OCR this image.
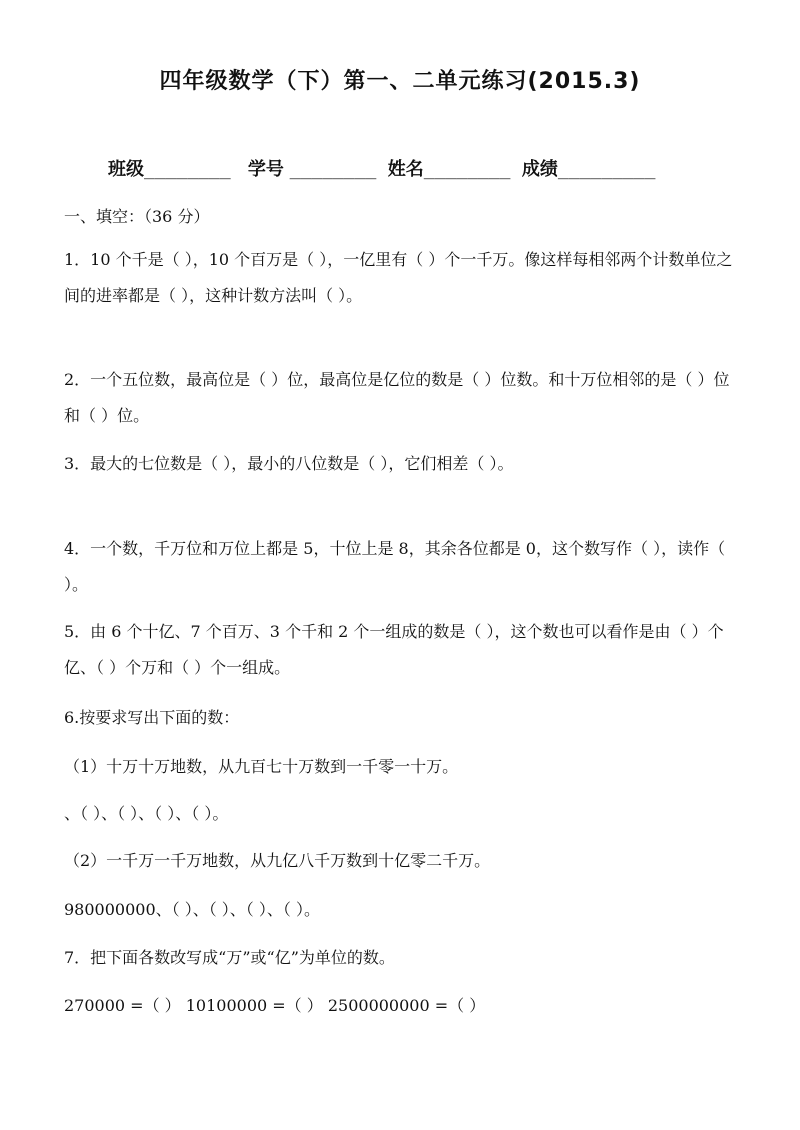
四年级数学（下）第一、二单元练习(2015.3)
班级________ 学号 ________ 姓名________ 成绩_________
一、填空：（36 分）
1．10 个千是（ ），10 个百万是（ ），一亿里有（ ）个一千万。像这样每相邻两个计数单位之间的进率都是（ ），这种计数方法叫（ ）。
2．一个五位数，最高位是（ ）位，最高位是亿位的数是（ ）位数。和十万位相邻的是（ ）位和（ ）位。
3．最大的七位数是（ ），最小的八位数是（ ），它们相差（ ）。
4．一个数，千万位和万位上都是 5，十位上是 8，其余各位都是 0，这个数写作（ ），读作（ ）。
5．由 6 个十亿、7 个百万、3 个千和 2 个一组成的数是（ ），这个数也可以看作是由（ ）个亿、（ ）个万和（ ）个一组成。
6.按要求写出下面的数：
（1）十万十万地数，从九百七十万数到一千零一十万。
、（ ）、（ ）、（ ）、（ ）。
（2）一千万一千万地数，从九亿八千万数到十亿零二千万。
980000000、（ ）、（ ）、（ ）、（ ）。
7．把下面各数改写成“万”或“亿”为单位的数。
270000 =（ ） 10100000 =（ ） 2500000000 =（ ）
